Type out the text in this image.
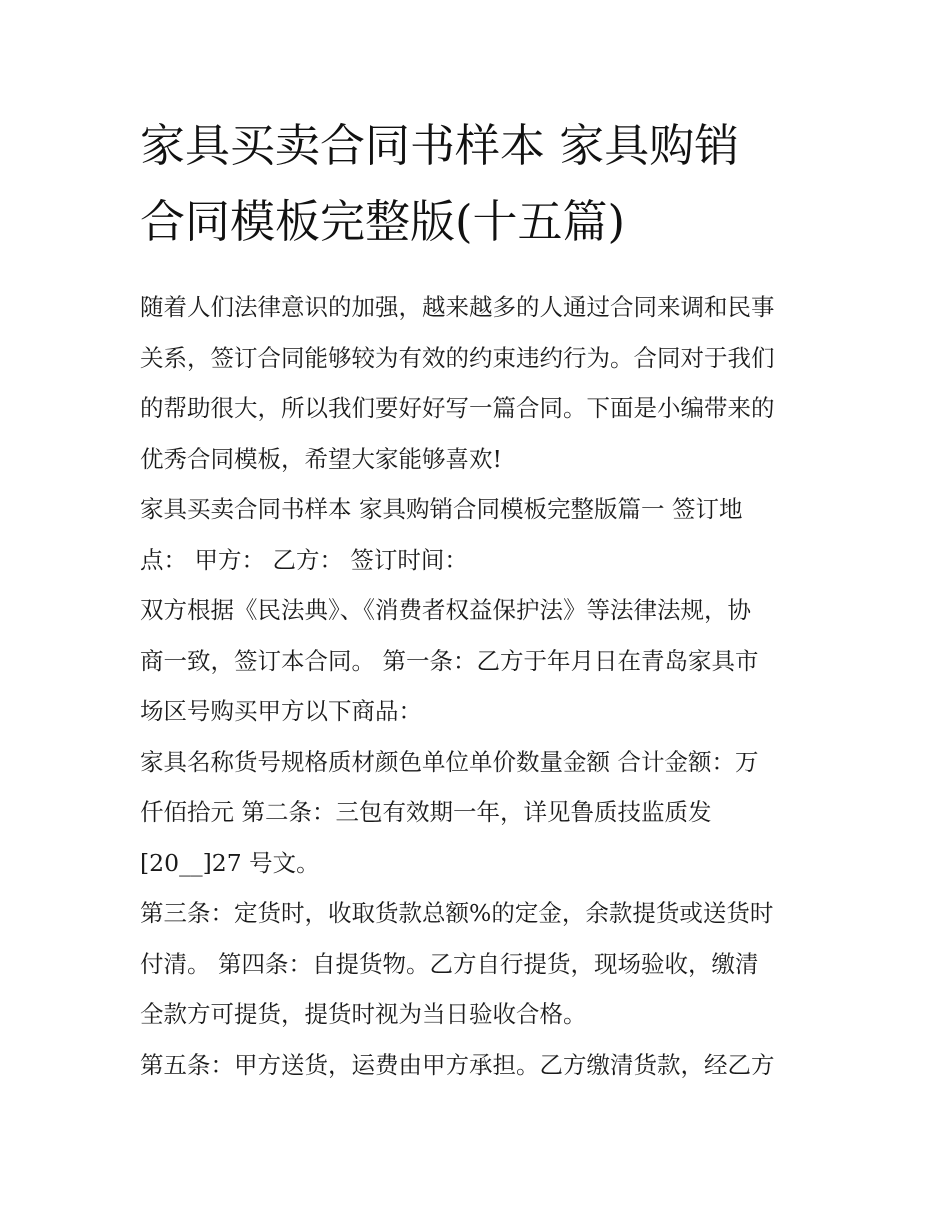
家具买卖合同书样本 家具购销
合同模板完整版(十五篇)

随着人们法律意识的加强，越来越多的人通过合同来调和民事
关系，签订合同能够较为有效的约束违约行为。合同对于我们
的帮助很大，所以我们要好好写一篇合同。下面是小编带来的
优秀合同模板，希望大家能够喜欢!

家具买卖合同书样本 家具购销合同模板完整版篇一 签订地
点： 甲方： 乙方： 签订时间：

双方根据《民法典》、《消费者权益保护法》等法律法规，协
商一致，签订本合同。 第一条：乙方于年月日在青岛家具市
场区号购买甲方以下商品：

家具名称货号规格质材颜色单位单价数量金额 合计金额：万
仟佰拾元 第二条：三包有效期一年，详见鲁质技监质发
[20__]27 号文。

第三条：定货时，收取货款总额%的定金，余款提货或送货时
付清。 第四条：自提货物。乙方自行提货，现场验收，缴清
全款方可提货，提货时视为当日验收合格。

第五条：甲方送货，运费由甲方承担。乙方缴清货款，经乙方
